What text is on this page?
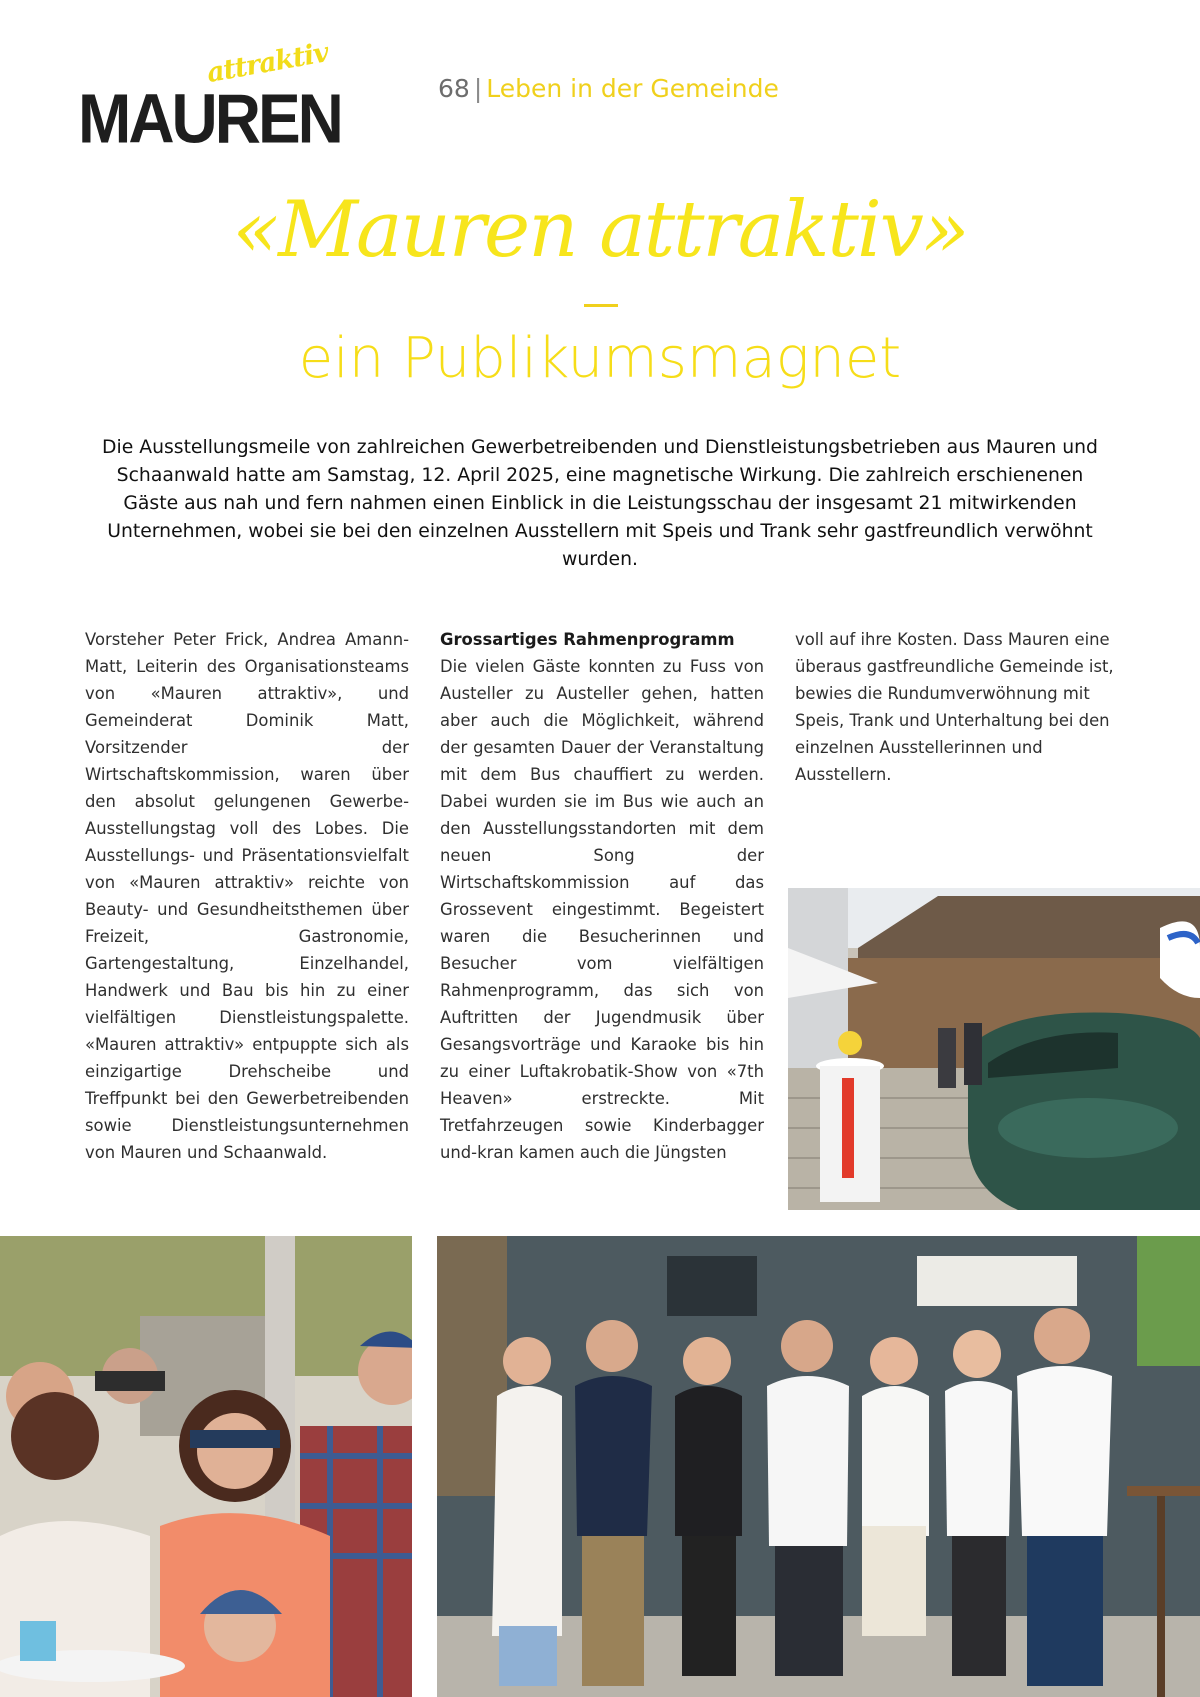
MAUREN
attraktiv	68 | Leben in der Gemeinde
«Mauren attraktiv»
ein Publikumsmagnet
Die Ausstellungsmeile von zahlreichen Gewerbetreibenden und Dienstleistungsbetrieben aus Mauren und Schaanwald hatte am Samstag, 12. April 2025, eine magnetische Wirkung. Die zahlreich erschienenen Gäste aus nah und fern nahmen einen Einblick in die Leistungsschau der insgesamt 21 mitwirkenden Unternehmen, wobei sie bei den einzelnen Ausstellern mit Speis und Trank sehr gastfreundlich verwöhnt wurden.

Vorsteher Peter Frick, Andrea Amann-Matt, Leiterin des Organisationsteams von «Mauren attraktiv», und Gemeinderat Dominik Matt, Vorsitzender der Wirtschaftskommission, waren über den absolut gelungenen Gewerbe-Ausstellungstag voll des Lobes. Die Ausstellungs- und Präsentationsvielfalt von «Mauren attraktiv» reichte von Beauty- und Gesundheitsthemen über Freizeit, Gastronomie, Gartengestaltung, Einzelhandel, Handwerk und Bau bis hin zu einer vielfältigen Dienstleistungspalette. «Mauren attraktiv» entpuppte sich als einzigartige Drehscheibe und Treffpunkt bei den Gewerbetreibenden sowie Dienstleistungsunternehmen von Mauren und Schaanwald.

Grossartiges Rahmenprogramm

Die vielen Gäste konnten zu Fuss von Austeller zu Austeller gehen, hatten aber auch die Möglichkeit, während der gesamten Dauer der Veranstaltung mit dem Bus chauffiert zu werden. Dabei wurden sie im Bus wie auch an den Ausstellungsstandorten mit dem neuen Song der Wirtschaftskommission auf das Grossevent eingestimmt. Begeistert waren die Besucherinnen und Besucher vom vielfältigen Rahmenprogramm, das sich von Auftritten der Jugendmusik über Gesangsvorträge und Karaoke bis hin zu einer Luftakrobatik-Show von «7th Heaven» erstreckte. Mit Tretfahrzeugen sowie Kinderbagger und-kran kamen auch die Jüngsten

voll auf ihre Kosten. Dass Mauren eine überaus gastfreundliche Gemeinde ist, bewies die Rundumverwöhnung mit Speis, Trank und Unterhaltung bei den einzelnen Ausstellerinnen und Ausstellern.
